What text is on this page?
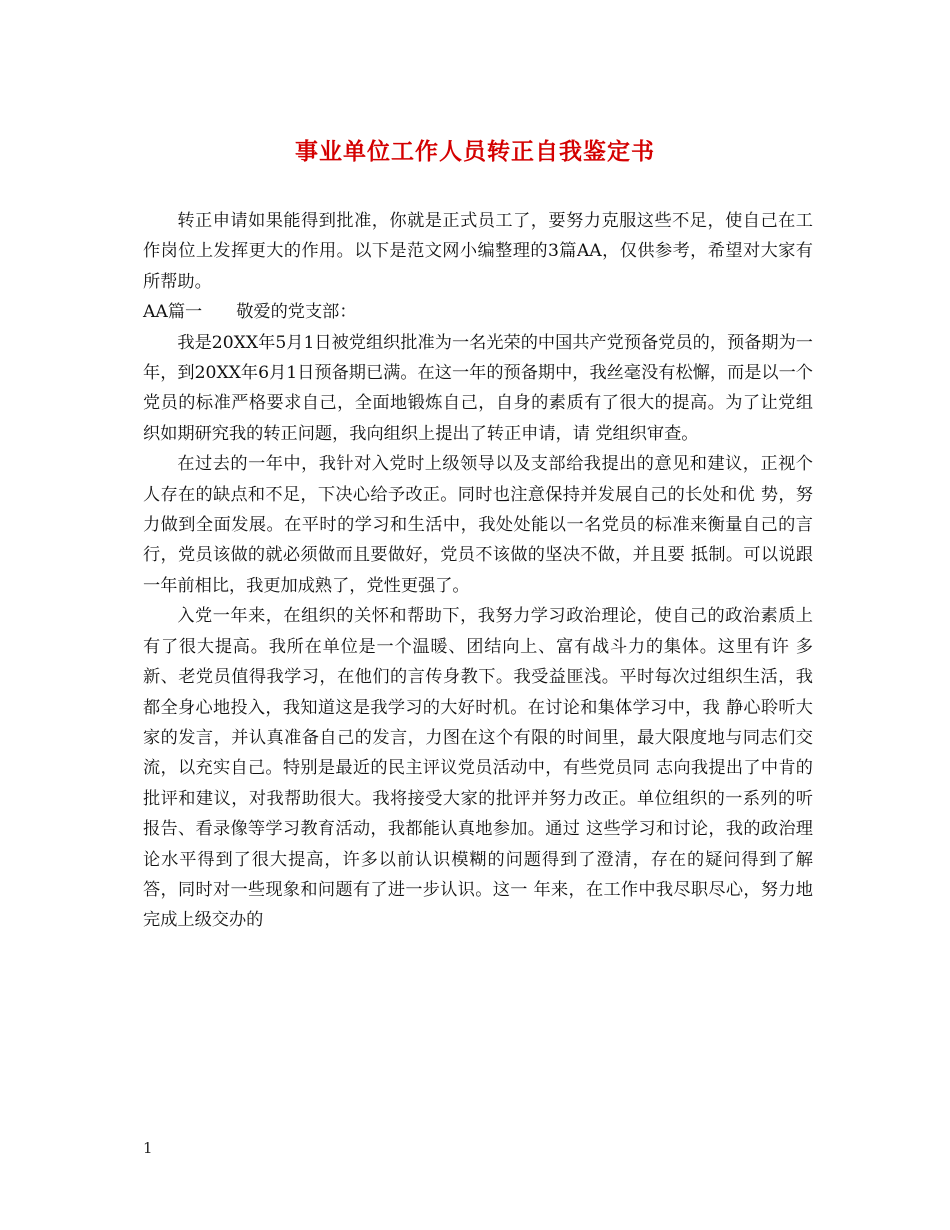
事业单位工作人员转正自我鉴定书

转正申请如果能得到批准，你就是正式员工了，要努力克服这些不足，使自己在工作岗位上发挥更大的作用。以下是范文网小编整理的3篇AA，仅供参考，希望对大家有所帮助。

AA篇一 敬爱的党支部：

我是20XX年5月1日被党组织批准为一名光荣的中国共产党预备党员的，预备期为一年，到20XX年6月1日预备期已满。在这一年的预备期中，我丝毫没有松懈，而是以一个党员的标准严格要求自己，全面地锻炼自己，自身的素质有了很大的提高。为了让党组织如期研究我的转正问题，我向组织上提出了转正申请，请 党组织审查。

在过去的一年中，我针对入党时上级领导以及支部给我提出的意见和建议，正视个人存在的缺点和不足，下决心给予改正。同时也注意保持并发展自己的长处和优 势，努力做到全面发展。在平时的学习和生活中，我处处能以一名党员的标准来衡量自己的言行，党员该做的就必须做而且要做好，党员不该做的坚决不做，并且要 抵制。可以说跟一年前相比，我更加成熟了，党性更强了。

入党一年来，在组织的关怀和帮助下，我努力学习政治理论，使自己的政治素质上有了很大提高。我所在单位是一个温暖、团结向上、富有战斗力的集体。这里有许 多新、老党员值得我学习，在他们的言传身教下。我受益匪浅。平时每次过组织生活，我都全身心地投入，我知道这是我学习的大好时机。在讨论和集体学习中，我 静心聆听大家的发言，并认真准备自己的发言，力图在这个有限的时间里，最大限度地与同志们交流，以充实自己。特别是最近的民主评议党员活动中，有些党员同 志向我提出了中肯的批评和建议，对我帮助很大。我将接受大家的批评并努力改正。单位组织的一系列的听报告、看录像等学习教育活动，我都能认真地参加。通过 这些学习和讨论，我的政治理论水平得到了很大提高，许多以前认识模糊的问题得到了澄清，存在的疑问得到了解答，同时对一些现象和问题有了进一步认识。这一 年来，在工作中我尽职尽心，努力地完成上级交办的

1
